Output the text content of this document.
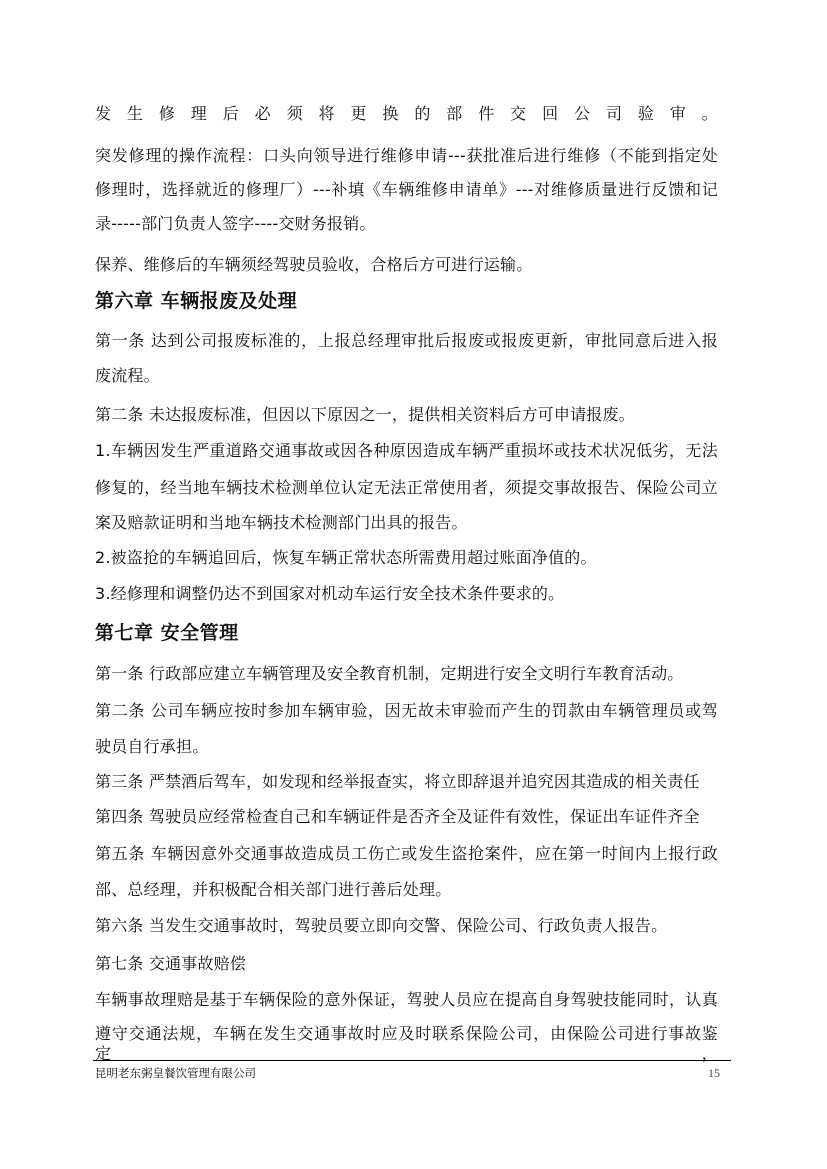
发生修理后必须将更换的部件交回公司验审。
突发修理的操作流程：口头向领导进行维修申请---获批准后进行维修（不能到指定处
修理时，选择就近的修理厂）---补填《车辆维修申请单》---对维修质量进行反馈和记
录-----部门负责人签字----交财务报销。
保养、维修后的车辆须经驾驶员验收，合格后方可进行运输。
第六章 车辆报废及处理
第一条 达到公司报废标准的，上报总经理审批后报废或报废更新，审批同意后进入报
废流程。
第二条 未达报废标准，但因以下原因之一，提供相关资料后方可申请报废。
1.车辆因发生严重道路交通事故或因各种原因造成车辆严重损坏或技术状况低劣，无法
修复的，经当地车辆技术检测单位认定无法正常使用者，须提交事故报告、保险公司立
案及赔款证明和当地车辆技术检测部门出具的报告。
2.被盗抢的车辆追回后，恢复车辆正常状态所需费用超过账面净值的。
3.经修理和调整仍达不到国家对机动车运行安全技术条件要求的。
第七章 安全管理
第一条 行政部应建立车辆管理及安全教育机制，定期进行安全文明行车教育活动。
第二条 公司车辆应按时参加车辆审验，因无故未审验而产生的罚款由车辆管理员或驾
驶员自行承担。
第三条 严禁酒后驾车，如发现和经举报查实，将立即辞退并追究因其造成的相关责任
第四条 驾驶员应经常检查自己和车辆证件是否齐全及证件有效性，保证出车证件齐全
第五条 车辆因意外交通事故造成员工伤亡或发生盗抢案件，应在第一时间内上报行政
部、总经理，并积极配合相关部门进行善后处理。
第六条 当发生交通事故时，驾驶员要立即向交警、保险公司、行政负责人报告。
第七条 交通事故赔偿
车辆事故理赔是基于车辆保险的意外保证，驾驶人员应在提高自身驾驶技能同时，认真
遵守交通法规，车辆在发生交通事故时应及时联系保险公司，由保险公司进行事故鉴定，
昆明老东粥皇餐饮管理有限公司	15
